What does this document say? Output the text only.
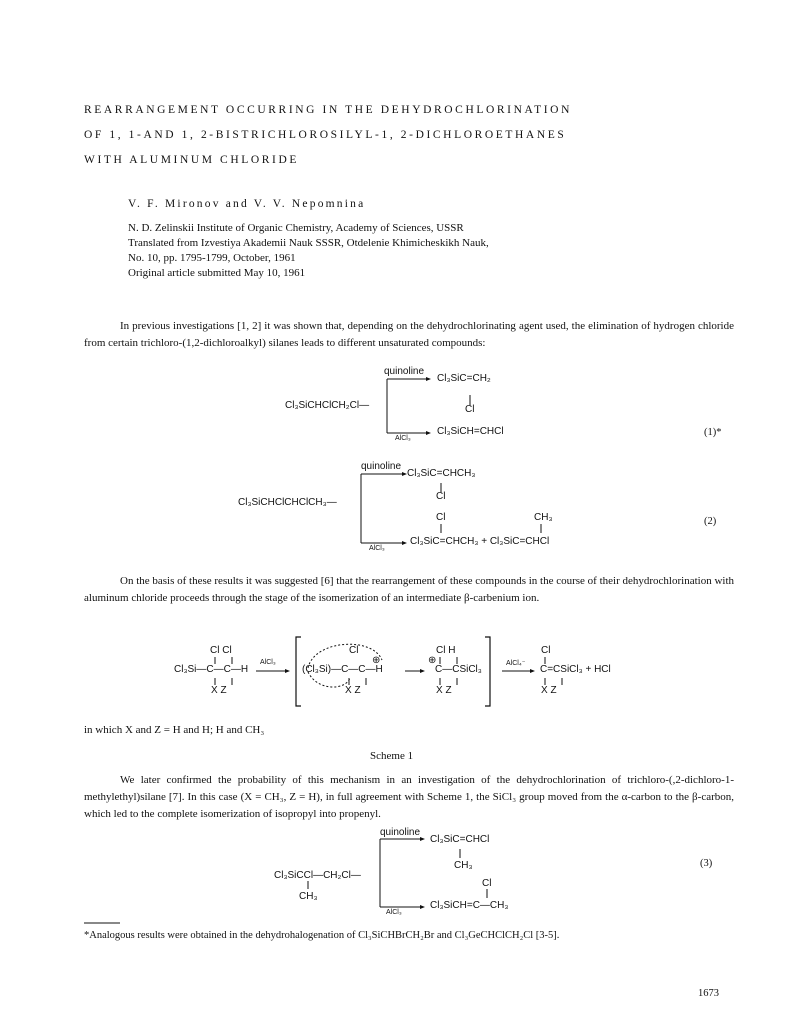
REARRANGEMENT OCCURRING IN THE DEHYDROCHLORINATION
OF 1, 1-AND 1, 2-BISTRICHLOROSILYL-1, 2-DICHLOROETHANES
WITH ALUMINUM CHLORIDE
V. F. Mironov and V. V. Nepomnina
N. D. Zelinskii Institute of Organic Chemistry, Academy of Sciences, USSR
Translated from Izvestiya Akademii Nauk SSSR, Otdelenie Khimicheskikh Nauk,
No. 10, pp. 1795-1799, October, 1961
Original article submitted May 10, 1961
In previous investigations [1, 2] it was shown that, depending on the dehydrochlorinating agent used, the elimination of hydrogen chloride from certain trichloro-(1,2-dichloroalkyl) silanes leads to different unsaturated compounds:
Cl₃SiCHClCH₂Cl—
quinoline
Cl₃SiC=CH₂
Cl
AlCl₃
Cl₃SiCH=CHCl	(1)*
Cl₃SiCHClCHClCH₃—
quinoline
Cl₃SiC=CHCH₃
Cl
Cl	CH₃
AlCl₃
Cl₃SiC=CHCH₃ + Cl₃SiC=CHCl
(2)
On the basis of these results it was suggested [6] that the rearrangement of these compounds in the course of their dehydrochlorination with aluminum chloride proceeds through the stage of the isomerization of an intermediate β-carbenium ion.
Cl Cl
Cl₃Si—C—C—H
X Z
AlCl₃
Cl
⊕
(Cl₃Si)—C—C—H
X Z
⊕
Cl H
C—CSiCl₃
X Z
AlCl₄⁻
Cl
C=CSiCl₃ + HCl
X Z
in which X and Z = H and H; H and CH₃
Scheme 1
We later confirmed the probability of this mechanism in an investigation of the dehydrochlorination of trichloro-(,2-dichloro-1-methylethyl)silane [7]. In this case (X = CH₃, Z = H), in full agreement with Scheme 1, the SiCl₃ group moved from the α-carbon to the β-carbon, which led to the complete isomerization of isopropyl into propenyl.
Cl₃SiCCl—CH₂Cl—
CH₃
quinoline
Cl₃SiC=CHCl
CH₃
Cl
AlCl₃
Cl₃SiCH=C—CH₃
(3)
*Analogous results were obtained in the dehydrohalogenation of Cl₃SiCHBrCH₂Br and Cl₃GeCHClCH₂Cl [3-5].
1673
